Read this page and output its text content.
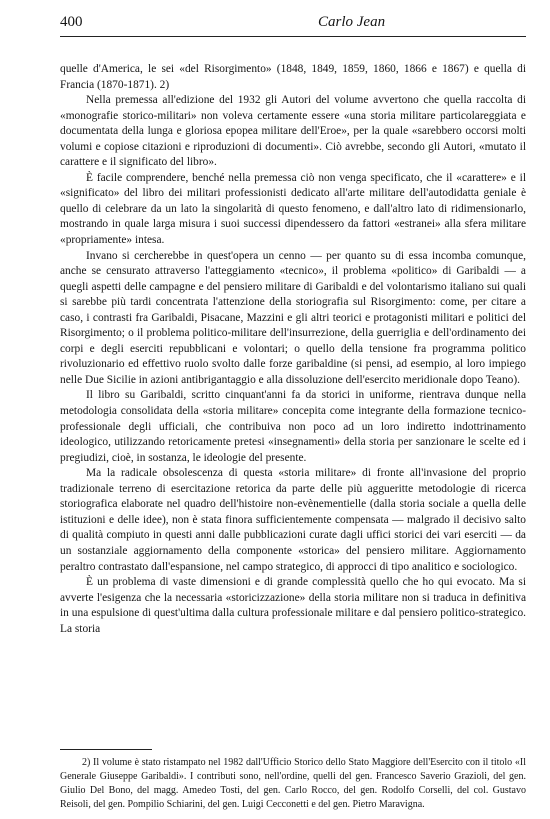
400	Carlo Jean

quelle d'America, le sei «del Risorgimento» (1848, 1849, 1859, 1860, 1866 e 1867) e quella di Francia (1870-1871). 2)

Nella premessa all'edizione del 1932 gli Autori del volume avvertono che quella raccolta di «monografie storico-militari» non voleva certamente essere «una storia militare particolareggiata e documentata della lunga e gloriosa epopea militare dell'Eroe», per la quale «sarebbero occorsi molti volumi e copiose citazioni e riproduzioni di documenti». Ciò avrebbe, secondo gli Autori, «mutato il carattere e il significato del libro».

È facile comprendere, benché nella premessa ciò non venga specificato, che il «carattere» e il «significato» del libro dei militari professionisti dedicato all'arte militare dell'autodidatta geniale è quello di celebrare da un lato la singolarità di questo fenomeno, e dall'altro lato di ridimensionarlo, mostrando in quale larga misura i suoi successi dipendessero da fattori «estranei» alla sfera militare «propriamente» intesa.

Invano si cercherebbe in quest'opera un cenno — per quanto su di essa incomba comunque, anche se censurato attraverso l'atteggiamento «tecnico», il problema «politico» di Garibaldi — a quegli aspetti delle campagne e del pensiero militare di Garibaldi e del volontarismo italiano sui quali si sarebbe più tardi concentrata l'attenzione della storiografia sul Risorgimento: come, per citare a caso, i contrasti fra Garibaldi, Pisacane, Mazzini e gli altri teorici e protagonisti militari e politici del Risorgimento; o il problema politico-militare dell'insurrezione, della guerriglia e dell'ordinamento dei corpi e degli eserciti repubblicani e volontari; o quello della tensione fra programma politico rivoluzionario ed effettivo ruolo svolto dalle forze garibaldine (si pensi, ad esempio, al loro impiego nelle Due Sicilie in azioni antibrigantaggio e alla dissoluzione dell'esercito meridionale dopo Teano).

Il libro su Garibaldi, scritto cinquant'anni fa da storici in uniforme, rientrava dunque nella metodologia consolidata della «storia militare» concepita come integrante della formazione tecnico-professionale degli ufficiali, che contribuiva non poco ad un loro indiretto indottrinamento ideologico, utilizzando retoricamente pretesi «insegnamenti» della storia per sanzionare le scelte ed i pregiudizi, cioè, in sostanza, le ideologie del presente.

Ma la radicale obsolescenza di questa «storia militare» di fronte all'invasione del proprio tradizionale terreno di esercitazione retorica da parte delle più aggueritte metodologie di ricerca storiografica elaborate nel quadro dell'histoire non-evènementielle (dalla storia sociale a quella delle istituzioni e delle idee), non è stata finora sufficientemente compensata — malgrado il decisivo salto di qualità compiuto in questi anni dalle pubblicazioni curate dagli uffici storici dei vari eserciti — da un sostanziale aggiornamento della componente «storica» del pensiero militare. Aggiornamento peraltro contrastato dall'espansione, nel campo strategico, di approcci di tipo analitico e sociologico.

È un problema di vaste dimensioni e di grande complessità quello che ho qui evocato. Ma si avverte l'esigenza che la necessaria «storicizzazione» della storia militare non si traduca in definitiva in una espulsione di quest'ultima dalla cultura professionale militare e dal pensiero politico-strategico. La storia

2) Il volume è stato ristampato nel 1982 dall'Ufficio Storico dello Stato Maggiore dell'Esercito con il titolo «Il Generale Giuseppe Garibaldi». I contributi sono, nell'ordine, quelli del gen. Francesco Saverio Grazioli, del gen. Giulio Del Bono, del magg. Amedeo Tosti, del gen. Carlo Rocco, del gen. Rodolfo Corselli, del col. Gustavo Reisoli, del gen. Pompilio Schiarini, del gen. Luigi Cecconetti e del gen. Pietro Maravigna.
